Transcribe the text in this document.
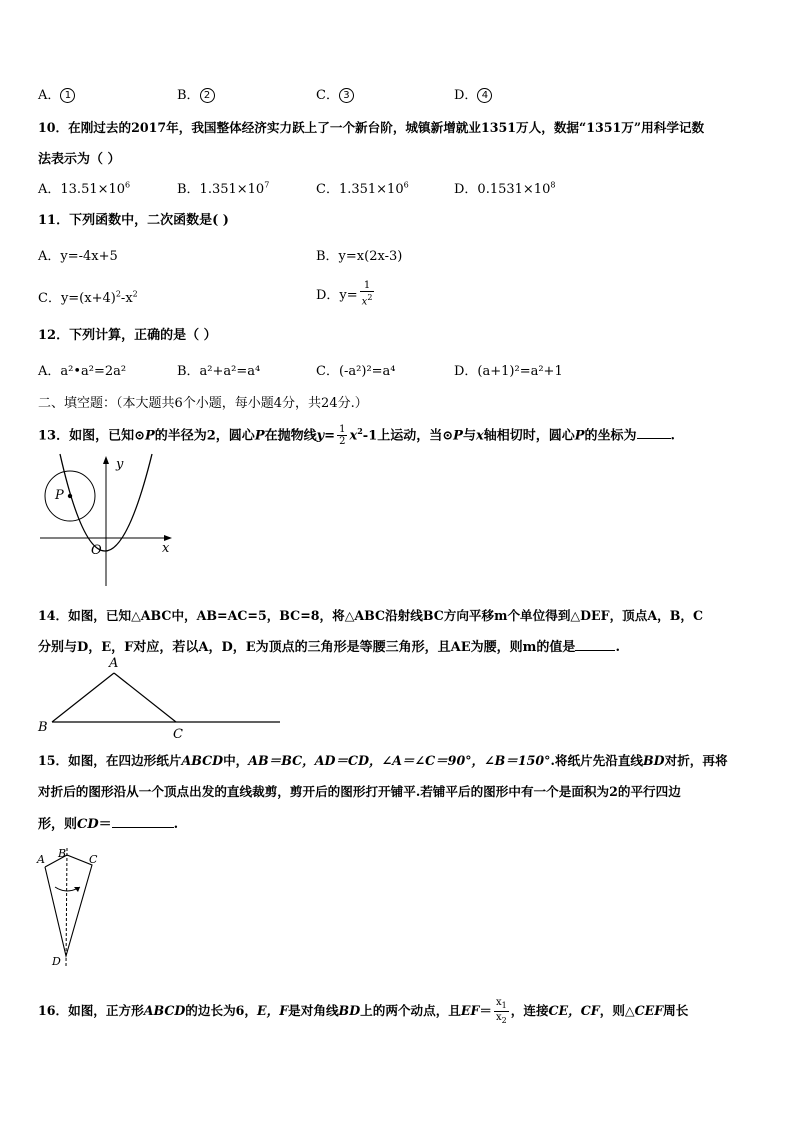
A． 1	B． 2	C． 3	D． 4
10．在刚过去的2017年，我国整体经济实力跃上了一个新台阶，城镇新增就业1351万人，数据“1351万”用科学记数
法表示为（ ）
A．$13.51\times 10^6$	B．$1.351\times 10^7$	C．$1.351\times 10^6$	D．$0.1531\times 10^8$
11．下列函数中，二次函数是( )
A．y=-4x+5	B．y=x(2x-3)
C．$y=(x+4)^2-x^2$	D．$y= \frac{1}{x^2}$
12．下列计算，正确的是（ ）
A．a²•a²=2a²	B．a²+a²=a⁴	C．(-a²)²=a⁴	D．(a+1)²=a²+1
二、填空题：（本大题共6个小题，每小题4分，共24分.）
13．如图，已知⊙P的半径为2，圆心P在抛物线$y= \frac{1}{2} x^2-1$上运动，当⊙P与x轴相切时，圆心P的坐标为	.
y
x
P
O
14．如图，已知△ABC中，AB=AC=5，BC=8，将△ABC沿射线BC方向平移m个单位得到△DEF，顶点A，B，C
分别与D，E，F对应，若以A，D，E为顶点的三角形是等腰三角形，且AE为腰，则m的值是	.
A
B	C
15．如图，在四边形纸片ABCD中，AB＝BC，AD＝CD，∠A＝∠C＝90°，∠B＝150°.将纸片先沿直线BD对折，再将
对折后的图形沿从一个顶点出发的直线裁剪，剪开后的图形打开铺平.若铺平后的图形中有一个是面积为2的平行四边
形，则CD＝	.
A B C
D
16．如图，正方形ABCD的边长为6，E，F是对角线BD上的两个动点，且$EF= \frac{x_1}{x_2}$ ，连接CE，CF，则△CEF周长
